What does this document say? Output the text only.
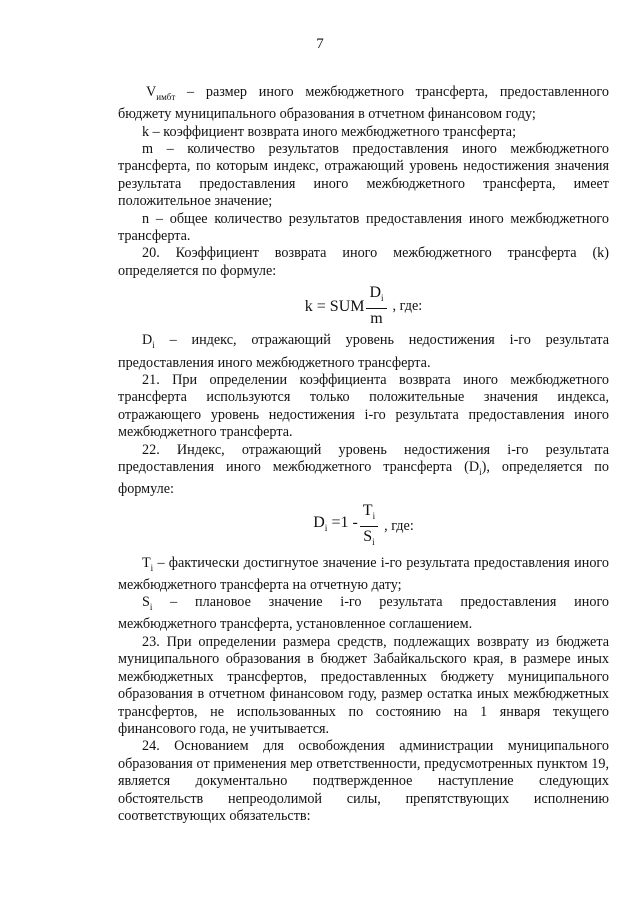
7

$V_{имбт}$ – размер иного межбюджетного трансферта, предоставленного бюджету муниципального образования в отчетном финансовом году;

k – коэффициент возврата иного межбюджетного трансферта;

m – количество результатов предоставления иного межбюджетного трансферта, по которым индекс, отражающий уровень недостижения значения результата предоставления иного межбюджетного трансферта, имеет положительное значение;

n – общее количество результатов предоставления иного межбюджетного трансферта.

20. Коэффициент возврата иного межбюджетного трансферта (k) определяется по формуле:

k = SUM $\frac{D_i}{m}$ , где:

$D_i$ – индекс, отражающий уровень недостижения i-го результата предоставления иного межбюджетного трансферта.

21. При определении коэффициента возврата иного межбюджетного трансферта используются только положительные значения индекса, отражающего уровень недостижения i-го результата предоставления иного межбюджетного трансферта.

22. Индекс, отражающий уровень недостижения i-го результата предоставления иного межбюджетного трансферта $(D_i)$, определяется по формуле:

$D_i =1 - \frac{T_i}{S_i}$ , где:

$T_i$ – фактически достигнутое значение i-го результата предоставления иного межбюджетного трансферта на отчетную дату;

$S_i$ – плановое значение i-го результата предоставления иного межбюджетного трансферта, установленное соглашением.

23. При определении размера средств, подлежащих возврату из бюджета муниципального образования в бюджет Забайкальского края, в размере иных межбюджетных трансфертов, предоставленных бюджету муниципального образования в отчетном финансовом году, размер остатка иных межбюджетных трансфертов, не использованных по состоянию на 1 января текущего финансового года, не учитывается.

24. Основанием для освобождения администрации муниципального образования от применения мер ответственности, предусмотренных пунктом 19, является документально подтвержденное наступление следующих обстоятельств непреодолимой силы, препятствующих исполнению соответствующих обязательств:
